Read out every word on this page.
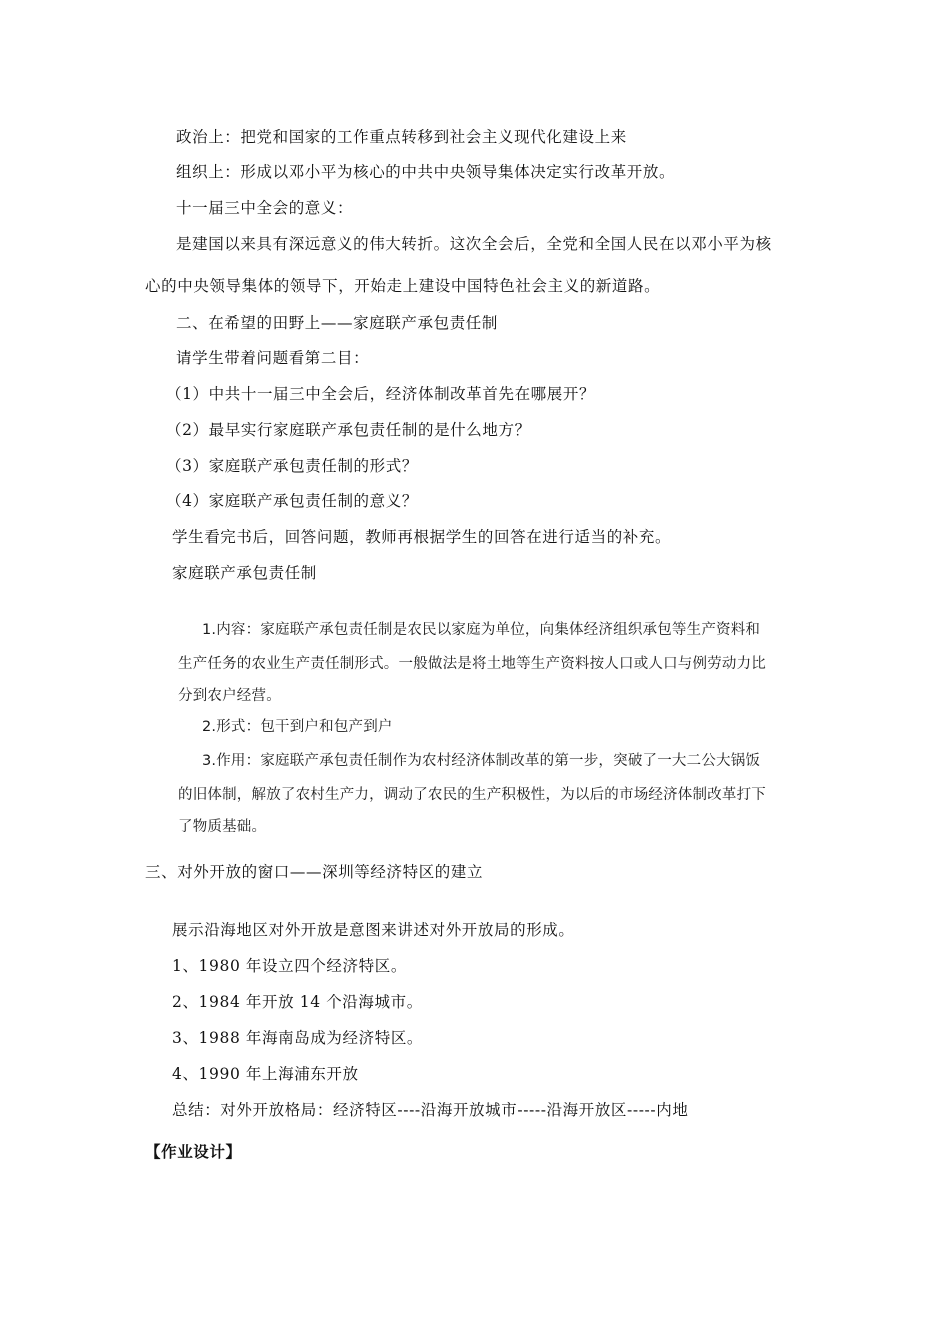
政治上：把党和国家的工作重点转移到社会主义现代化建设上来
组织上：形成以邓小平为核心的中共中央领导集体决定实行改革开放。
十一届三中全会的意义：
是建国以来具有深远意义的伟大转折。这次全会后，全党和全国人民在以邓小平为核
心的中央领导集体的领导下，开始走上建设中国特色社会主义的新道路。
二、在希望的田野上——家庭联产承包责任制
请学生带着问题看第二目：
（1）中共十一届三中全会后，经济体制改革首先在哪展开？
（2）最早实行家庭联产承包责任制的是什么地方？
（3）家庭联产承包责任制的形式？
（4）家庭联产承包责任制的意义？
学生看完书后，回答问题，教师再根据学生的回答在进行适当的补充。
家庭联产承包责任制
1.内容：家庭联产承包责任制是农民以家庭为单位，向集体经济组织承包等生产资料和
生产任务的农业生产责任制形式。一般做法是将土地等生产资料按人口或人口与例劳动力比
分到农户经营。
2.形式：包干到户和包产到户
3.作用：家庭联产承包责任制作为农村经济体制改革的第一步，突破了一大二公大锅饭
的旧体制，解放了农村生产力，调动了农民的生产积极性，为以后的市场经济体制改革打下
了物质基础。
三、对外开放的窗口——深圳等经济特区的建立
展示沿海地区对外开放是意图来讲述对外开放局的形成。
1、1980 年设立四个经济特区。
2、1984 年开放 14 个沿海城市。
3、1988 年海南岛成为经济特区。
4、1990 年上海浦东开放
总结：对外开放格局：经济特区----沿海开放城市-----沿海开放区-----内地
【作业设计】
